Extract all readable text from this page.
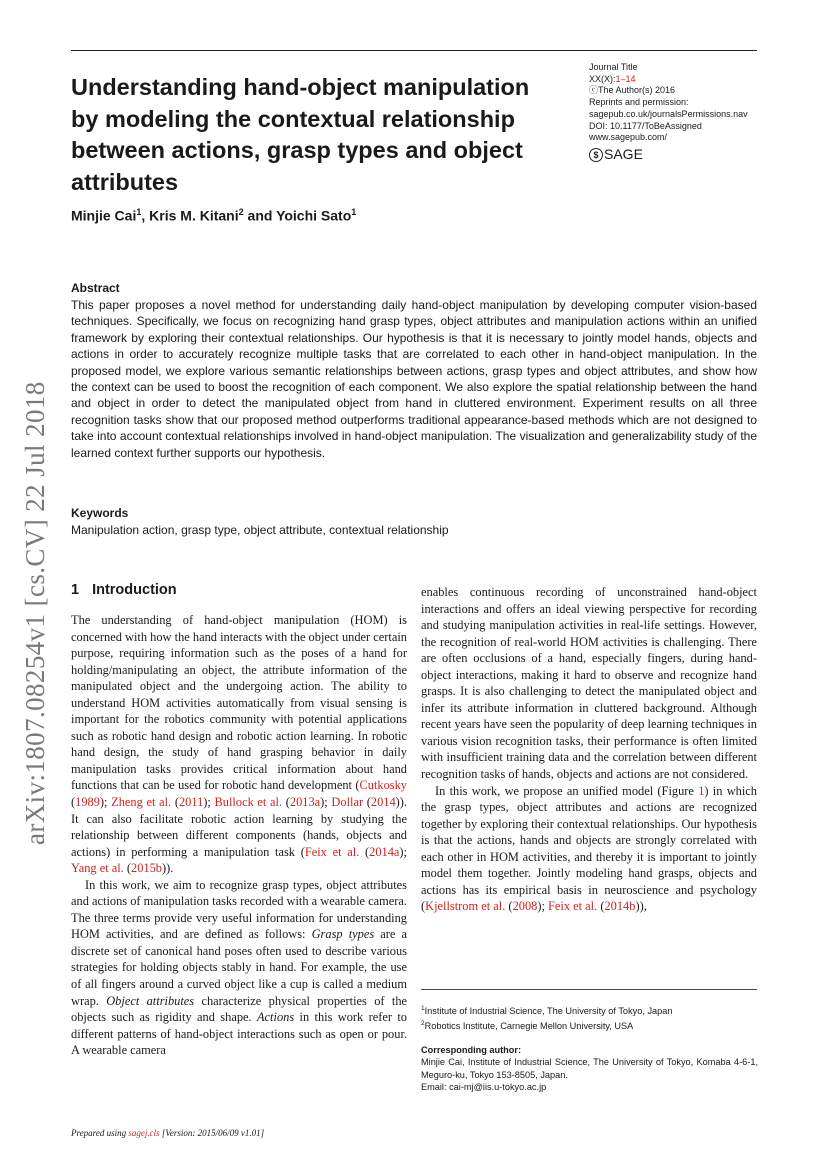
arXiv:1807.08254v1 [cs.CV] 22 Jul 2018
Understanding hand-object manipulation by modeling the contextual relationship between actions, grasp types and object attributes
Journal Title
XX(X):1–14
ⓒThe Author(s) 2016
Reprints and permission:
sagepub.co.uk/journalsPermissions.nav
DOI: 10.1177/ToBeAssigned
www.sagepub.com/
$ SAGE
Minjie Cai$^1$, Kris M. Kitani$^2$ and Yoichi Sato$^1$
Abstract

This paper proposes a novel method for understanding daily hand-object manipulation by developing computer vision-based techniques. Specifically, we focus on recognizing hand grasp types, object attributes and manipulation actions within an unified framework by exploring their contextual relationships. Our hypothesis is that it is necessary to jointly model hands, objects and actions in order to accurately recognize multiple tasks that are correlated to each other in hand-object manipulation. In the proposed model, we explore various semantic relationships between actions, grasp types and object attributes, and show how the context can be used to boost the recognition of each component. We also explore the spatial relationship between the hand and object in order to detect the manipulated object from hand in cluttered environment. Experiment results on all three recognition tasks show that our proposed method outperforms traditional appearance-based methods which are not designed to take into account contextual relationships involved in hand-object manipulation. The visualization and generalizability study of the learned context further supports our hypothesis.

Keywords
Manipulation action, grasp type, object attribute, contextual relationship
1 Introduction

The understanding of hand-object manipulation (HOM) is concerned with how the hand interacts with the object under certain purpose, requiring information such as the poses of a hand for holding/manipulating an object, the attribute information of the manipulated object and the undergoing action. The ability to understand HOM activities automatically from visual sensing is important for the robotics community with potential applications such as robotic hand design and robotic action learning. In robotic hand design, the study of hand grasping behavior in daily manipulation tasks provides critical information about hand functions that can be used for robotic hand development (Cutkosky (1989); Zheng et al. (2011); Bullock et al. (2013a); Dollar (2014)). It can also facilitate robotic action learning by studying the relationship between different components (hands, objects and actions) in performing a manipulation task (Feix et al. (2014a); Yang et al. (2015b)).

In this work, we aim to recognize grasp types, object attributes and actions of manipulation tasks recorded with a wearable camera. The three terms provide very useful information for understanding HOM activities, and are defined as follows: Grasp types are a discrete set of canonical hand poses often used to describe various strategies for holding objects stably in hand. For example, the use of all fingers around a curved object like a cup is called a medium wrap. Object attributes characterize physical properties of the objects such as rigidity and shape. Actions in this work refer to different patterns of hand-object interactions such as open or pour. A wearable camera

enables continuous recording of unconstrained hand-object interactions and offers an ideal viewing perspective for recording and studying manipulation activities in real-life settings. However, the recognition of real-world HOM activities is challenging. There are often occlusions of a hand, especially fingers, during hand-object interactions, making it hard to observe and recognize hand grasps. It is also challenging to detect the manipulated object and infer its attribute information in cluttered background. Although recent years have seen the popularity of deep learning techniques in various vision recognition tasks, their performance is often limited with insufficient training data and the correlation between different recognition tasks of hands, objects and actions are not considered.

In this work, we propose an unified model (Figure 1) in which the grasp types, object attributes and actions are recognized together by exploring their contextual relationships. Our hypothesis is that the actions, hands and objects are strongly correlated with each other in HOM activities, and thereby it is important to jointly model them together. Jointly modeling hand grasps, objects and actions has its empirical basis in neuroscience and psychology (Kjellstrom et al. (2008); Feix et al. (2014b)),

$^1$Institute of Industrial Science, The University of Tokyo, Japan
$^2$Robotics Institute, Carnegie Mellon University, USA
Corresponding author:
Minjie Cai, Institute of Industrial Science, The University of Tokyo, Komaba 4-6-1, Meguro-ku, Tokyo 153-8505, Japan.
Email: cai-mj@iis.u-tokyo.ac.jp
Prepared using sagej.cls [Version: 2015/06/09 v1.01]
